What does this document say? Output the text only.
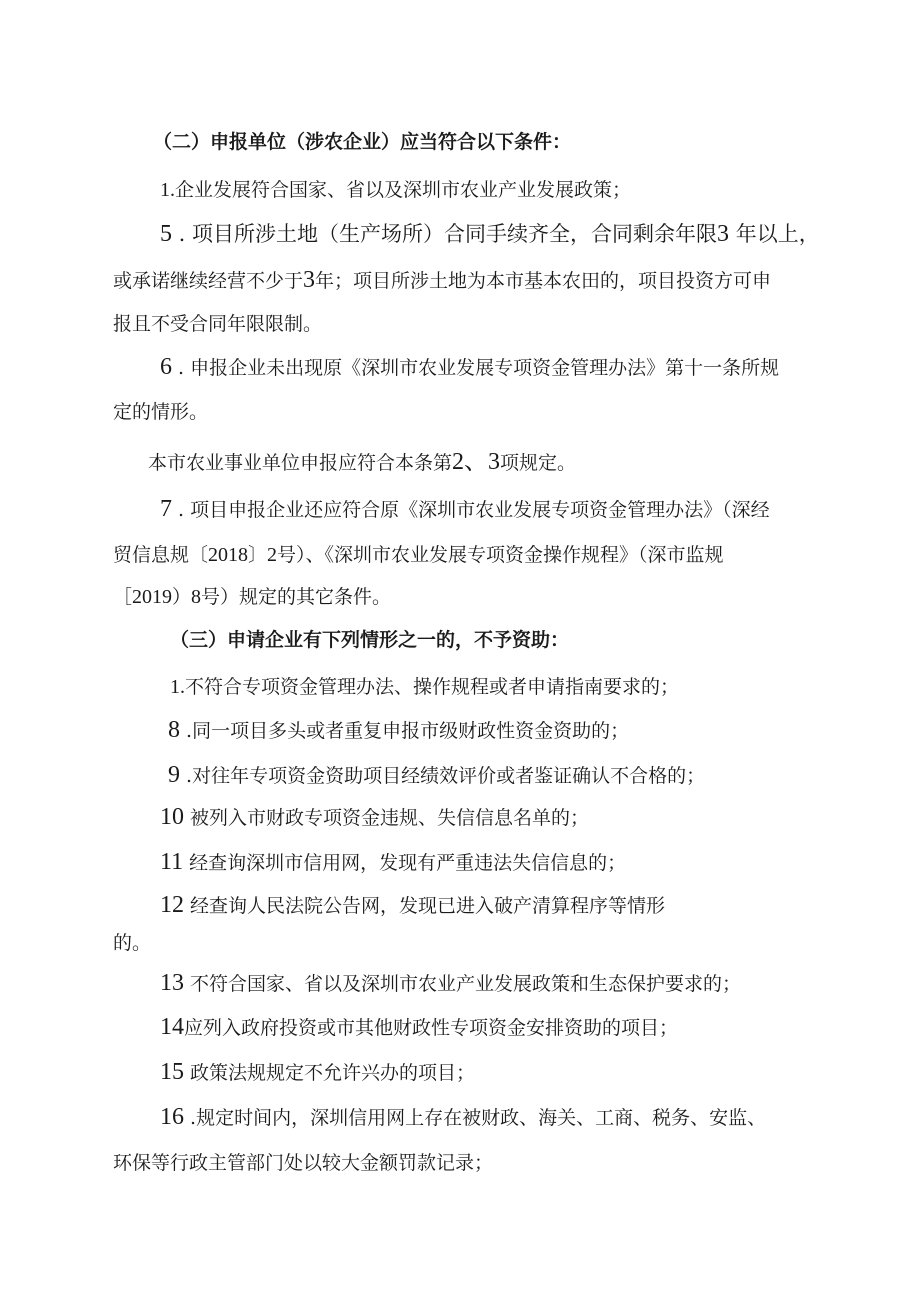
（二）申报单位（涉农企业）应当符合以下条件：
1.企业发展符合国家、省以及深圳市农业产业发展政策；
5 . 项目所涉土地（生产场所）合同手续齐全，合同剩余年限3 年以上，
或承诺继续经营不少于3年；项目所涉土地为本市基本农田的，项目投资方可申
报且不受合同年限限制。
6 . 申报企业未出现原《深圳市农业发展专项资金管理办法》第十一条所规
定的情形。
本市农业事业单位申报应符合本条第2、3项规定。
7 . 项目申报企业还应符合原《深圳市农业发展专项资金管理办法》（深经
贸信息规〔2018〕2号）、《深圳市农业发展专项资金操作规程》（深市监规
［2019）8号）规定的其它条件。
（三）申请企业有下列情形之一的，不予资助：
1.不符合专项资金管理办法、操作规程或者申请指南要求的；
8 .同一项目多头或者重复申报市级财政性资金资助的；
9 .对往年专项资金资助项目经绩效评价或者鉴证确认不合格的；
10 被列入市财政专项资金违规、失信信息名单的；
11 经查询深圳市信用网，发现有严重违法失信信息的；
12 经查询人民法院公告网，发现已进入破产清算程序等情形
的。
13 不符合国家、省以及深圳市农业产业发展政策和生态保护要求的；
14应列入政府投资或市其他财政性专项资金安排资助的项目；
15 政策法规规定不允许兴办的项目；
16 .规定时间内，深圳信用网上存在被财政、海关、工商、税务、安监、
环保等行政主管部门处以较大金额罚款记录；
